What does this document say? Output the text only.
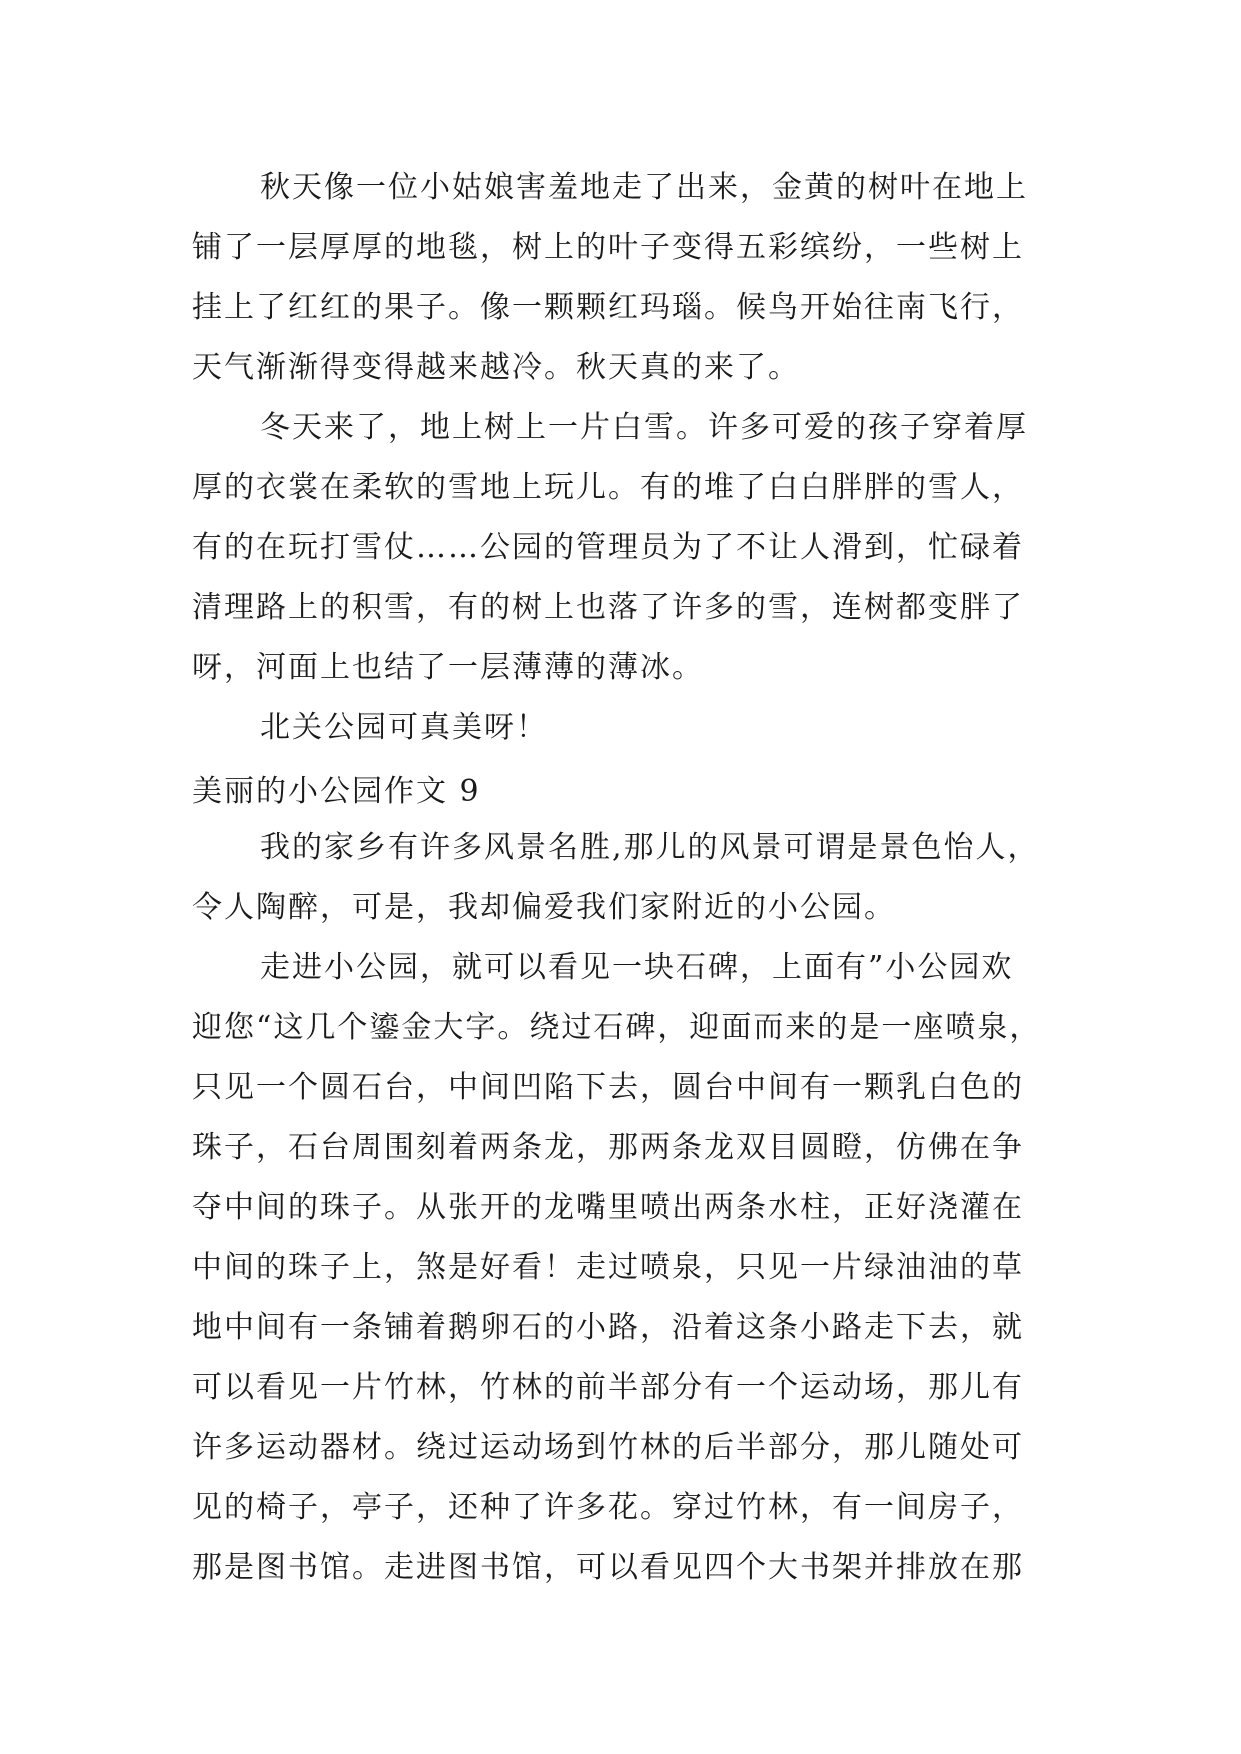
秋天像一位小姑娘害羞地走了出来，金黄的树叶在地上
铺了一层厚厚的地毯，树上的叶子变得五彩缤纷，一些树上
挂上了红红的果子。像一颗颗红玛瑙。候鸟开始往南飞行，
天气渐渐得变得越来越冷。秋天真的来了。
冬天来了，地上树上一片白雪。许多可爱的孩子穿着厚
厚的衣裳在柔软的雪地上玩儿。有的堆了白白胖胖的雪人，
有的在玩打雪仗……公园的管理员为了不让人滑到，忙碌着
清理路上的积雪，有的树上也落了许多的雪，连树都变胖了
呀，河面上也结了一层薄薄的薄冰。
北关公园可真美呀！
美丽的小公园作文 9
我的家乡有许多风景名胜,那儿的风景可谓是景色怡人，
令人陶醉，可是，我却偏爱我们家附近的小公园。
走进小公园，就可以看见一块石碑，上面有”小公园欢
迎您“这几个鎏金大字。绕过石碑，迎面而来的是一座喷泉，
只见一个圆石台，中间凹陷下去，圆台中间有一颗乳白色的
珠子，石台周围刻着两条龙，那两条龙双目圆瞪，仿佛在争
夺中间的珠子。从张开的龙嘴里喷出两条水柱，正好浇灌在
中间的珠子上，煞是好看！走过喷泉，只见一片绿油油的草
地中间有一条铺着鹅卵石的小路，沿着这条小路走下去，就
可以看见一片竹林，竹林的前半部分有一个运动场，那儿有
许多运动器材。绕过运动场到竹林的后半部分，那儿随处可
见的椅子，亭子，还种了许多花。穿过竹林，有一间房子，
那是图书馆。走进图书馆，可以看见四个大书架并排放在那
